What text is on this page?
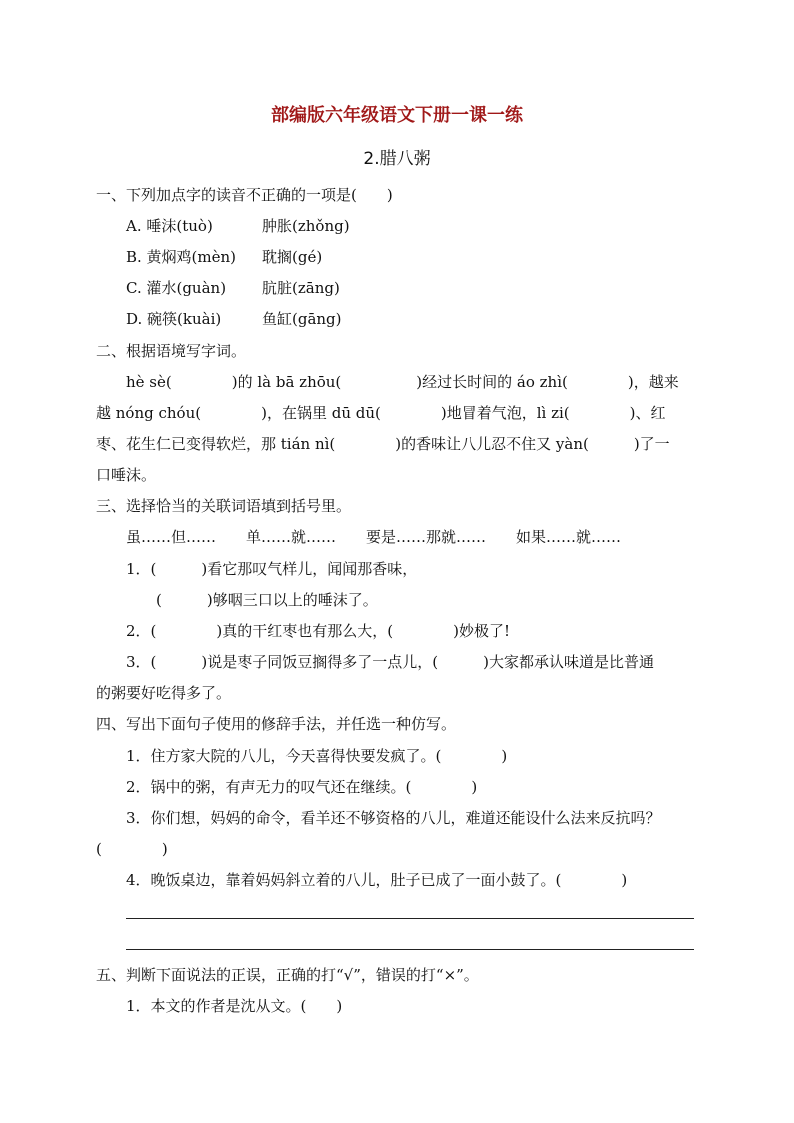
部编版六年级语文下册一课一练
2.腊八粥
一、下列加点字的读音不正确的一项是(　　)
A. 唾沫(tuò)	肿胀(zhǒng)
B. 黄焖鸡(mèn) 耽搁(gé)
C. 灌水(guàn) 肮脏(zāng)
D. 碗筷(kuài)	鱼缸(gāng)
二、根据语境写字词。
　　hè sè(　　　　)的 là bā zhōu(　　　　　)经过长时间的 áo zhì(　　　　)，越来
越 nóng chóu(　　　　)，在锅里 dū dū(　　　　)地冒着气泡，lì zi(　　　　)、红
枣、花生仁已变得软烂，那 tián nì(　　　　)的香味让八儿忍不住又 yàn(　　　)了一
口唾沫。
三、选择恰当的关联词语填到括号里。
　　虽……但……　　单……就……　　要是……那就……　　如果……就……
　　1．(　　　)看它那叹气样儿，闻闻那香味，
　　　　(　　　)够咽三口以上的唾沫了。
　　2．(　　　　)真的干红枣也有那么大，(　　　　)妙极了!
　　3．(　　　)说是枣子同饭豆搁得多了一点儿，(　　　)大家都承认味道是比普通
的粥要好吃得多了。
四、写出下面句子使用的修辞手法，并任选一种仿写。
　　1．住方家大院的八儿，今天喜得快要发疯了。(　　　　)
　　2．锅中的粥，有声无力的叹气还在继续。(　　　　)
　　3．你们想，妈妈的命令，看羊还不够资格的八儿，难道还能设什么法来反抗吗？
(　　　　)
　　4．晚饭桌边，靠着妈妈斜立着的八儿，肚子已成了一面小鼓了。(　　　　)
五、判断下面说法的正误，正确的打“√”，错误的打“×”。
　　1．本文的作者是沈从文。(　　)
